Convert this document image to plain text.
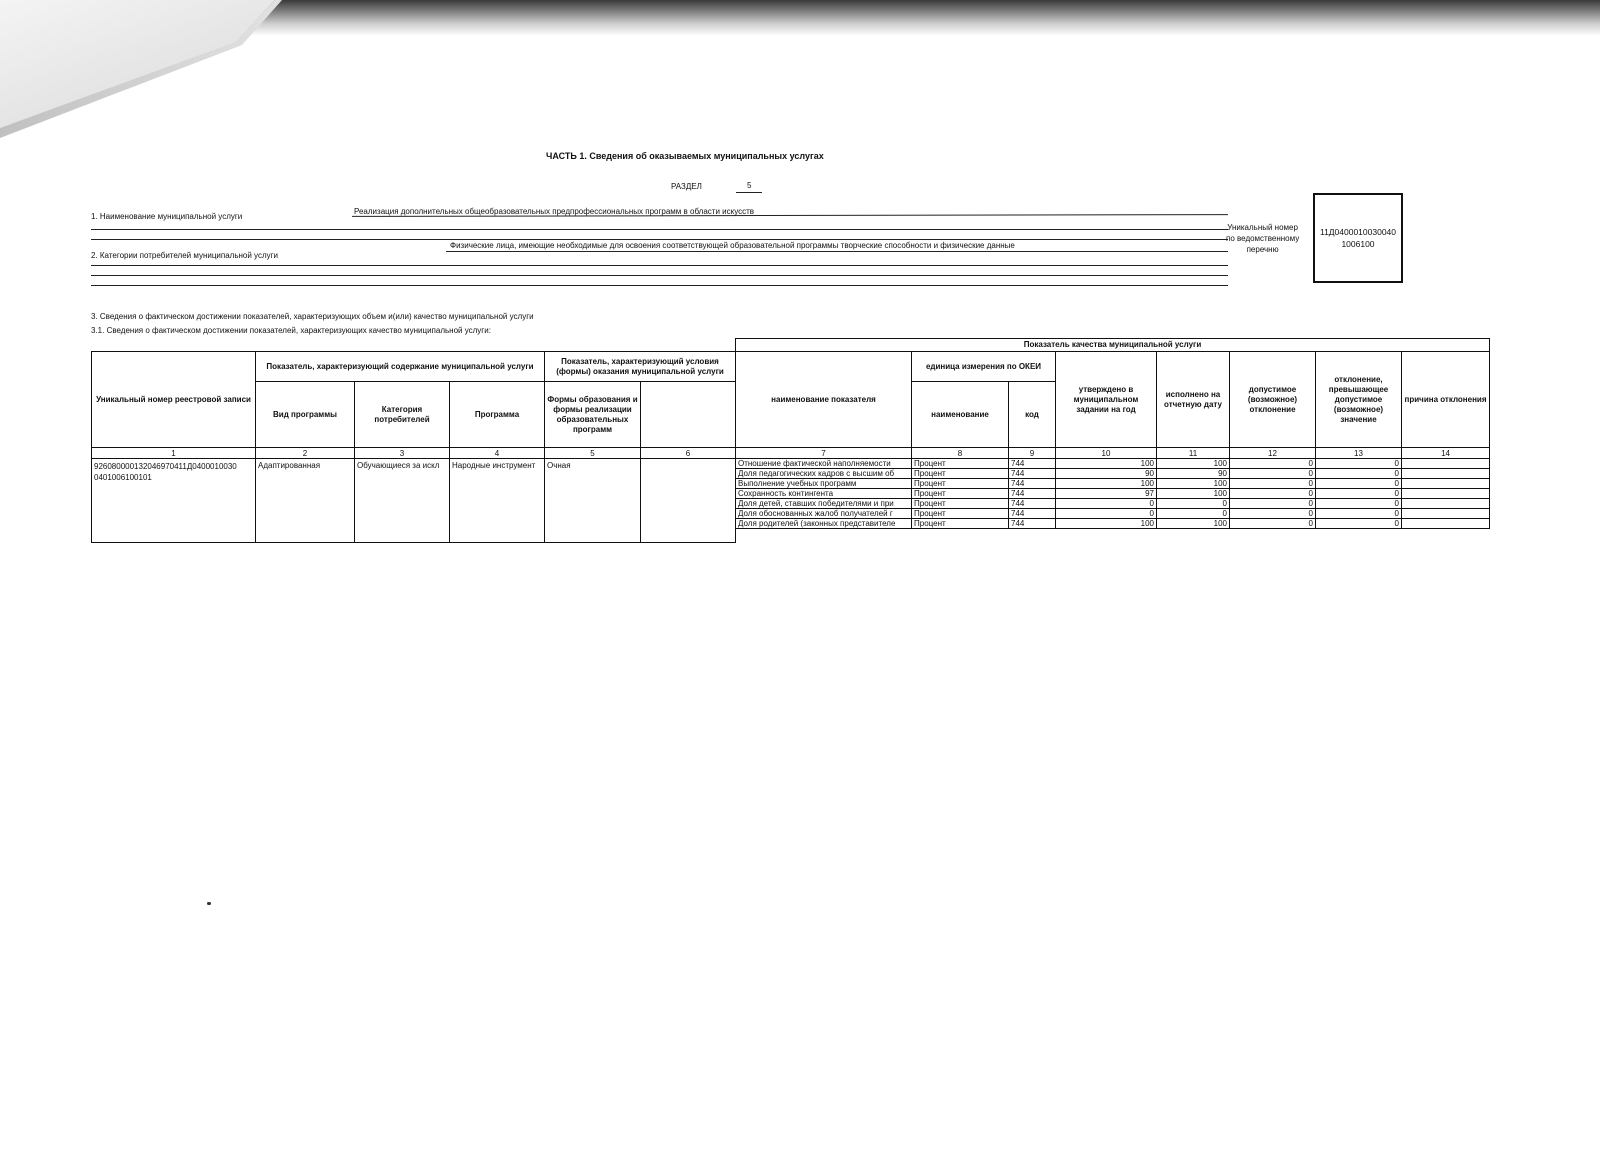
ЧАСТЬ 1. Сведения об оказываемых муниципальных услугах
РАЗДЕЛ	5
1. Наименование муниципальной услуги
Реализация дополнительных общеобразовательных предпрофессиональных программ в области искусств
2. Категории потребителей муниципальной услуги
Физические лица, имеющие необходимые для освоения соответствующей образовательной программы творческие способности и физические данные
Уникальный номер
по ведомственному
перечню
11Д0400010030040
1006100
3. Сведения о фактическом достижении показателей, характеризующих объем и(или) качество муниципальной услуги
3.1. Сведения о фактическом достижении показателей, характеризующих качество муниципальной услуги:
						Показатель качества муниципальной услуги							
Уникальный номер реестровой записи	Показатель, характеризующий содержание муниципальной услуги			Показатель, характеризующий условия (формы) оказания муниципальной услуги		наименование показателя	единица измерения по ОКЕИ		утверждено в муниципальном задании на год	исполнено на отчетную дату	допустимое (возможное) отклонение	отклонение, превышающее допустимое (возможное) значение	причина отклонения
	Вид программы	Категория потребителей	Программа	Формы образования и формы реализации образовательных программ			наименование	код					

1	2	3	4	5	6	7	8	9	10	11	12	13	14

926080000132046970411Д0400010030
0401006100101	Адаптированная	Обучающиеся за искл	Народные инструмент	Очная		Отношение фактической наполняемости	Процент	744	100	100	0	0	
						Доля педагогических кадров с высшим об	Процент	744	90	90	0	0	
						Выполнение учебных программ	Процент	744	100	100	0	0	
						Сохранность контингента	Процент	744	97	100	0	0	
						Доля детей, ставших победителями и при	Процент	744	0	0	0	0	
						Доля обоснованных жалоб получателей г	Процент	744	0	0	0	0	
						Доля родителей (законных представителе	Процент	744	100	100	0	0	
